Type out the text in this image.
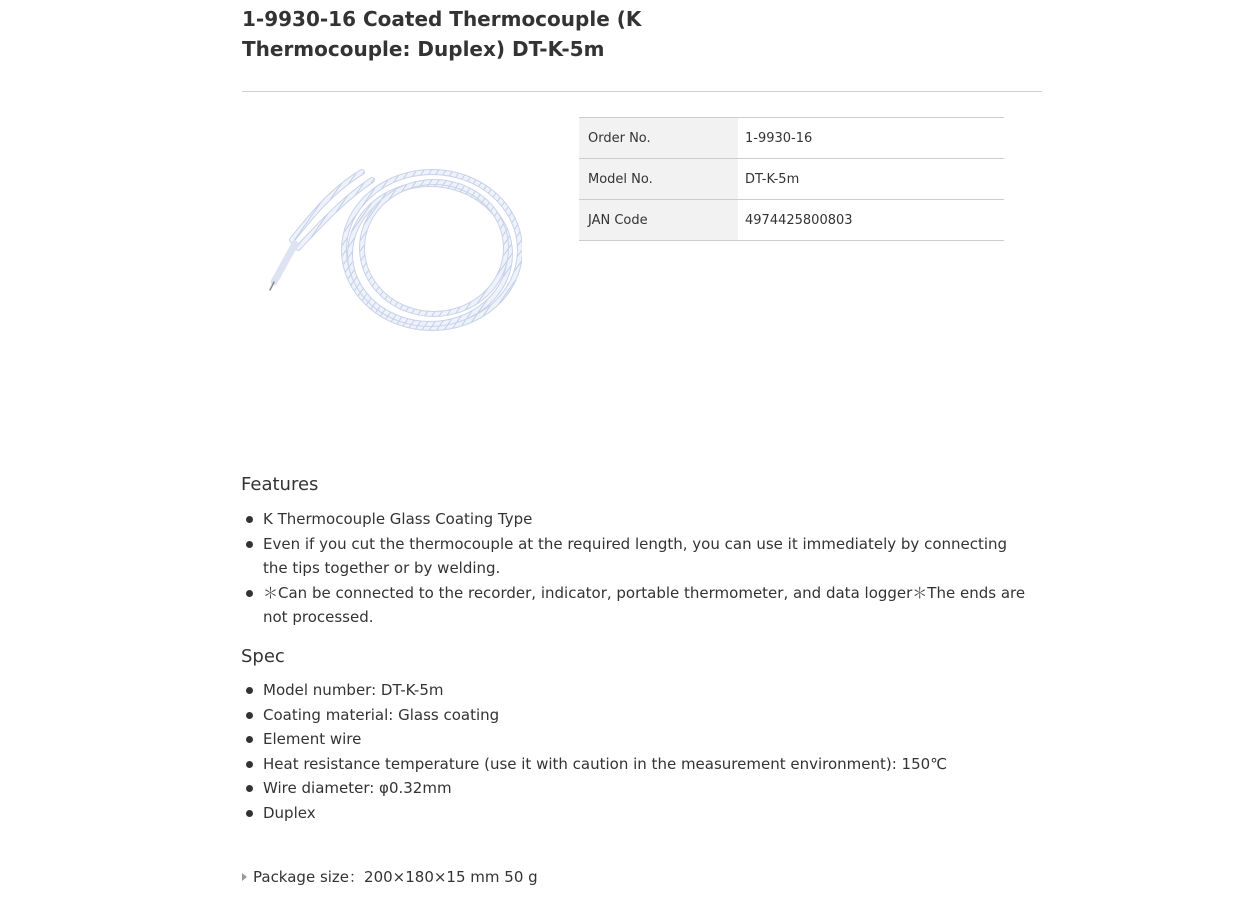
1-9930-16 Coated Thermocouple (K
Thermocouple: Duplex) DT-K-5m
Order No.	1-9930-16
Model No.	DT-K-5m
JAN Code	4974425800803
Features
K Thermocouple Glass Coating Type
Even if you cut the thermocouple at the required length, you can use it immediately by connecting the tips together or by welding.
＊Can be connected to the recorder, indicator, portable thermometer, and data logger＊The ends are not processed.
Spec
Model number: DT-K-5m
Coating material: Glass coating
Element wire
Heat resistance temperature (use it with caution in the measurement environment): 150℃
Wire diameter: φ0.32mm
Duplex
Package size：200×180×15 mm 50 g
